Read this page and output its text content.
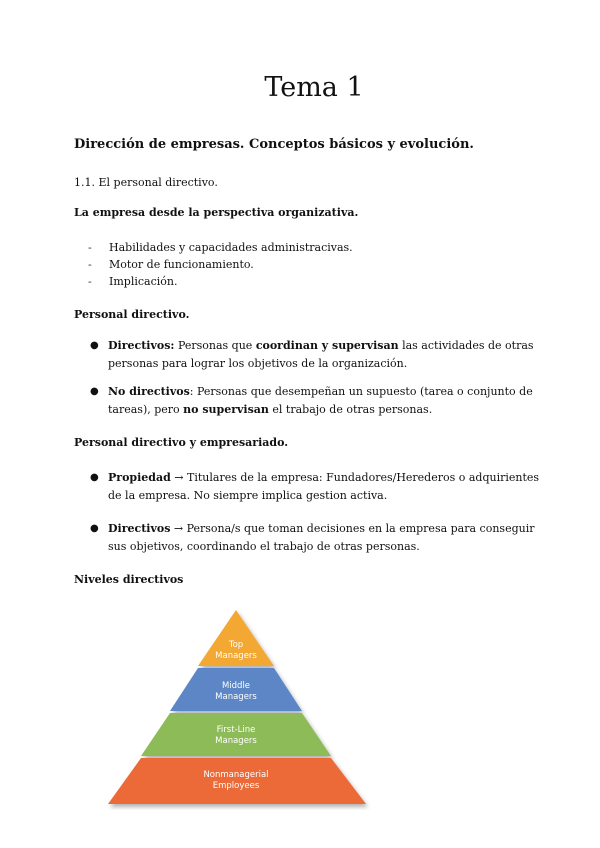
Tema 1
Dirección de empresas. Conceptos básicos y evolución.
1.1. El personal directivo.
La empresa desde la perspectiva organizativa.
- Habilidades y capacidades administracivas.
- Motor de funcionamiento.
- Implicación.
Personal directivo.
● Directivos: Personas que coordinan y supervisan las actividades de otras personas para lograr los objetivos de la organización.
● No directivos: Personas que desempeñan un supuesto (tarea o conjunto de tareas), pero no supervisan el trabajo de otras personas.
Personal directivo y empresariado.
● Propiedad → Titulares de la empresa: Fundadores/Herederos o adquirientes de la empresa. No siempre implica gestion activa.
● Directivos → Persona/s que toman decisiones en la empresa para conseguir sus objetivos, coordinando el trabajo de otras personas.
Niveles directivos
Top
Managers
Middle
Managers
First-Line
Managers
Nonmanagerial
Employees
